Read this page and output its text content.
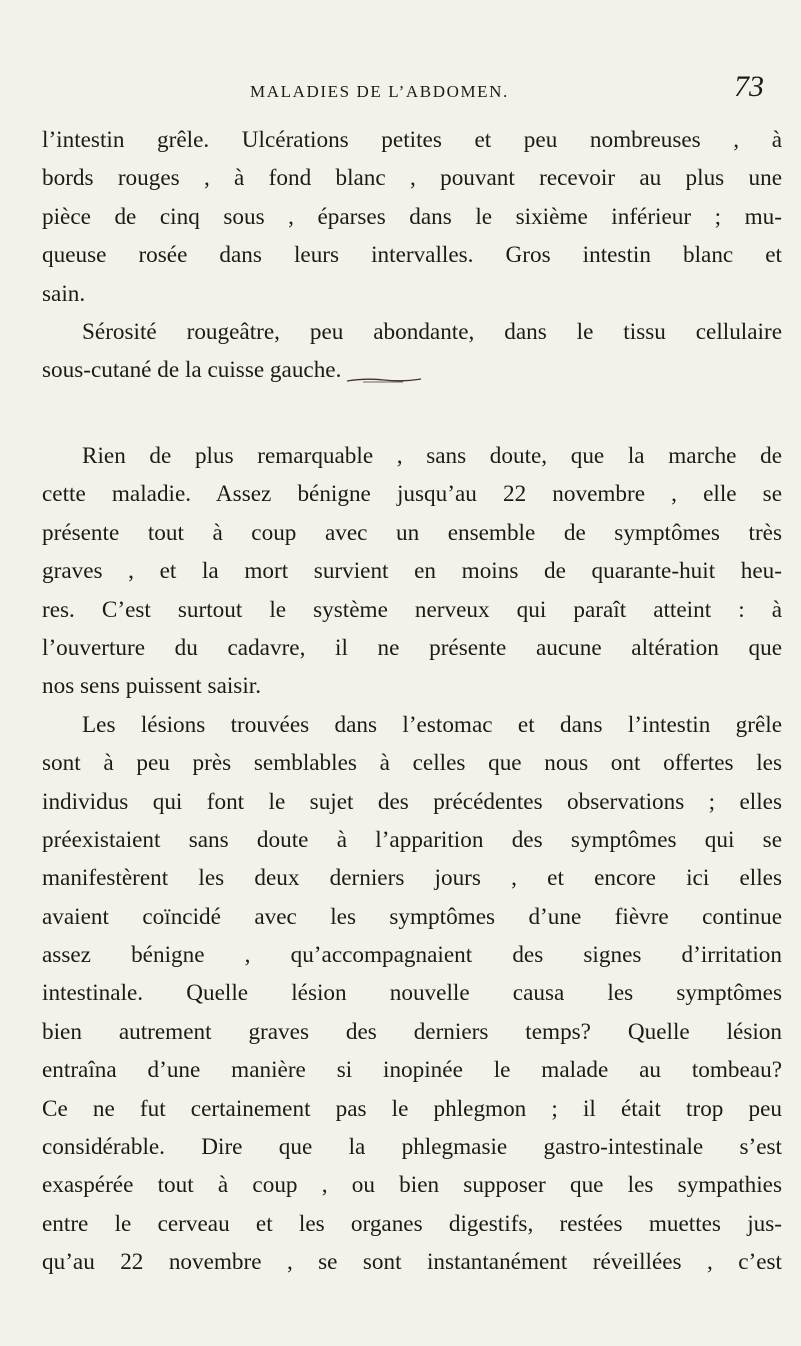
MALADIES DE L’ABDOMEN.	73
l’intestin grêle. Ulcérations petites et peu nombreuses , à
bords rouges , à fond blanc , pouvant recevoir au plus une
pièce de cinq sous , éparses dans le sixième inférieur ; mu-
queuse rosée dans leurs intervalles. Gros intestin blanc et
sain.
Sérosité rougeâtre, peu abondante, dans le tissu cellulaire
sous-cutané de la cuisse gauche.
Rien de plus remarquable , sans doute, que la marche de
cette maladie. Assez bénigne jusqu’au 22 novembre , elle se
présente tout à coup avec un ensemble de symptômes très
graves , et la mort survient en moins de quarante-huit heu-
res. C’est surtout le système nerveux qui paraît atteint : à
l’ouverture du cadavre, il ne présente aucune altération que
nos sens puissent saisir.
Les lésions trouvées dans l’estomac et dans l’intestin grêle
sont à peu près semblables à celles que nous ont offertes les
individus qui font le sujet des précédentes observations ; elles
préexistaient sans doute à l’apparition des symptômes qui se
manifestèrent les deux derniers jours , et encore ici elles
avaient coïncidé avec les symptômes d’une fièvre continue
assez bénigne , qu’accompagnaient des signes d’irritation
intestinale. Quelle lésion nouvelle causa les symptômes
bien autrement graves des derniers temps? Quelle lésion
entraîna d’une manière si inopinée le malade au tombeau?
Ce ne fut certainement pas le phlegmon ; il était trop peu
considérable. Dire que la phlegmasie gastro-intestinale s’est
exaspérée tout à coup , ou bien supposer que les sympathies
entre le cerveau et les organes digestifs, restées muettes jus-
qu’au 22 novembre , se sont instantanément réveillées , c’est
